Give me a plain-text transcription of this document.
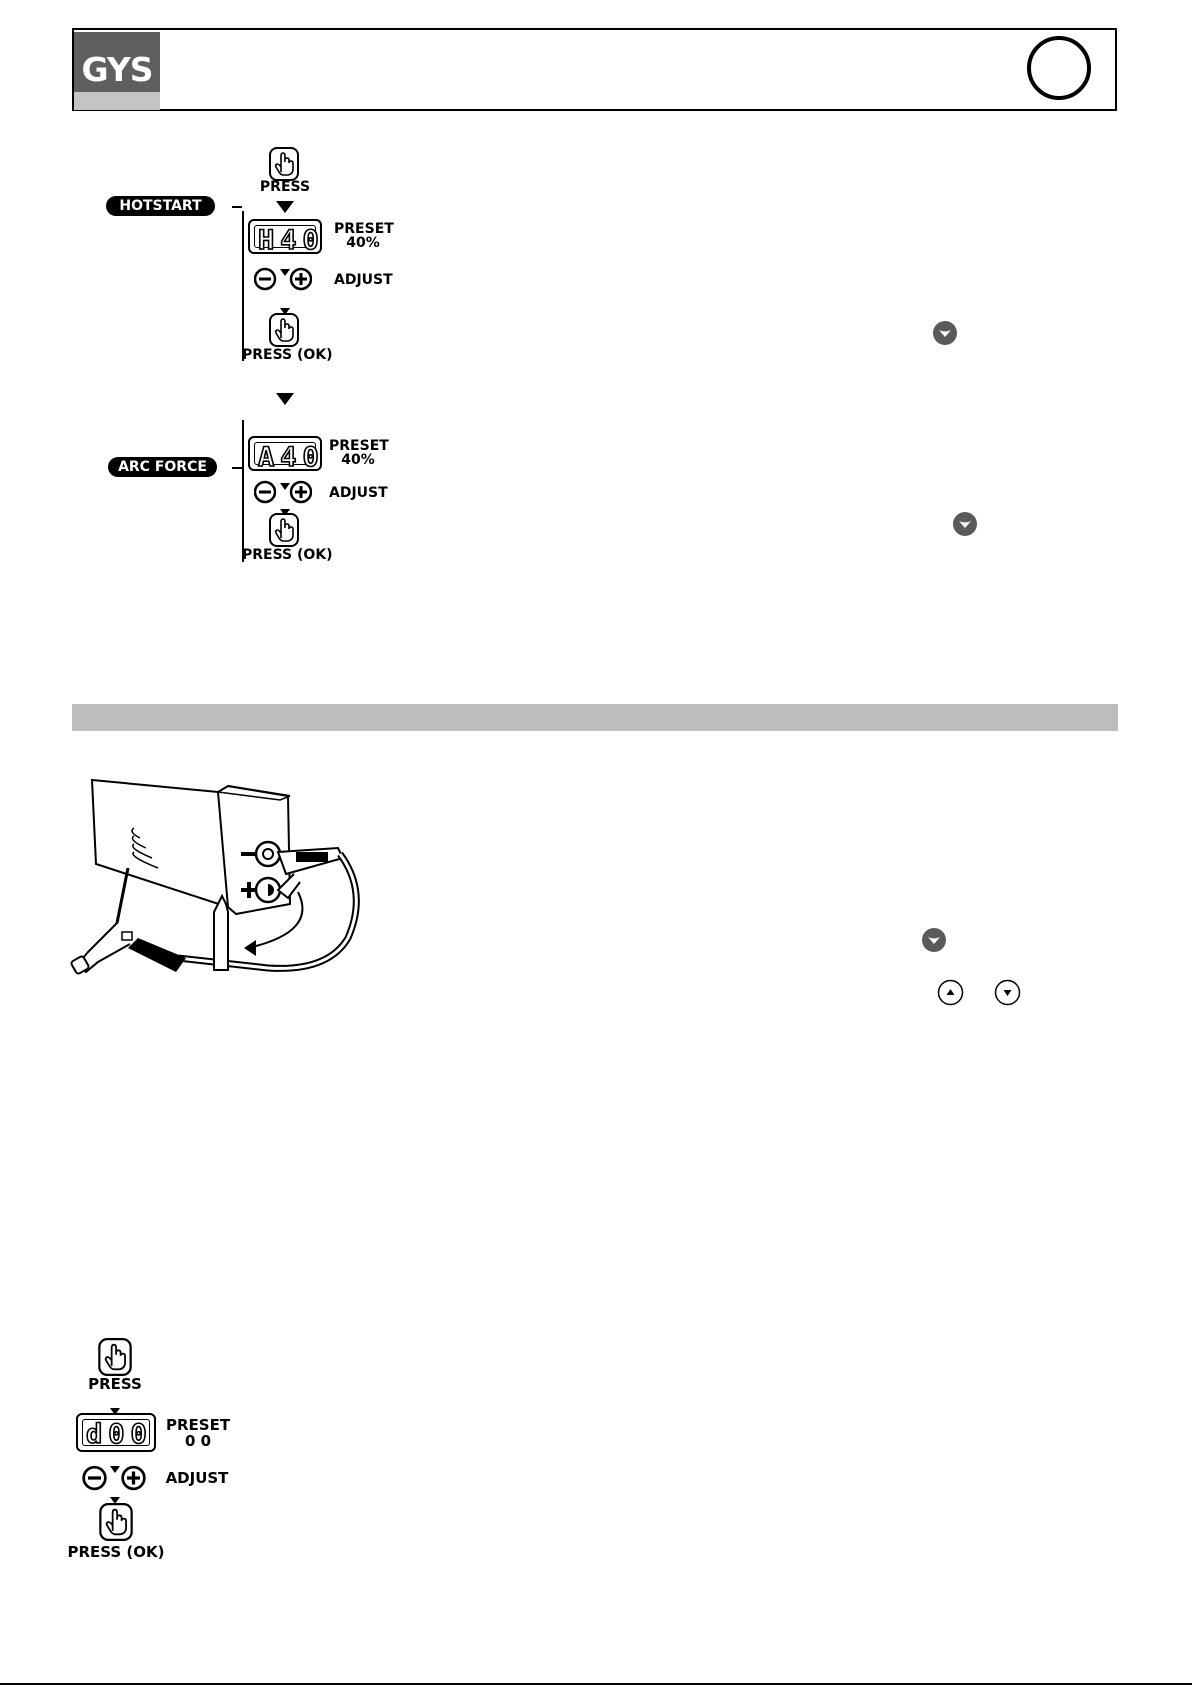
GYS
PRESS
HOTSTART
H40 PRESET
40%
ADJUST
PRESS (OK)
ARC FORCE	A40 PRESET
40%
ADJUST
PRESS (OK)
PRESS
d00 PRESET
0 0
ADJUST
PRESS (OK)
